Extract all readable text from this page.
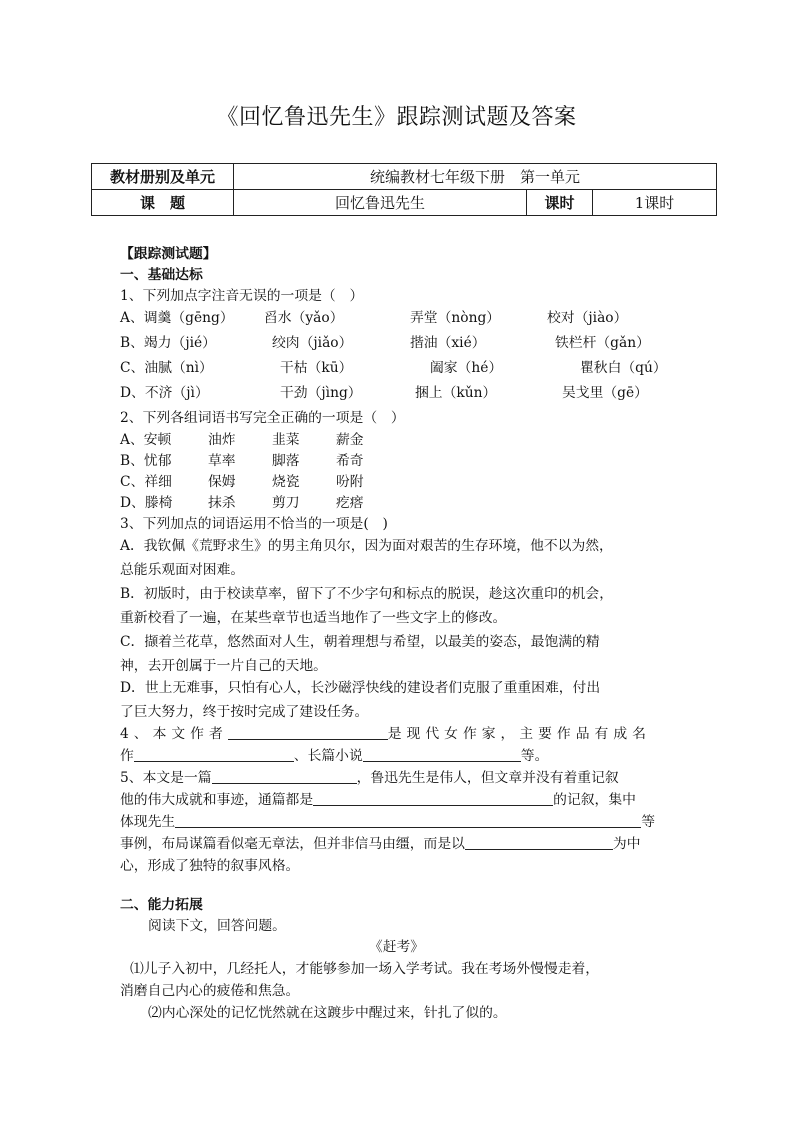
《回忆鲁迅先生》跟踪测试题及答案
教材册别及单元	统编教材七年级下册　第一单元		
课　题	回忆鲁迅先生	课时	1课时
【跟踪测试题】
一、基础达标
1、下列加点字注音无误的一项是（　）
A、调羹（gēng） 舀水（yǎo）	弄堂（nòng）	校对（jiào）
B、竭力（jié）	绞肉（jiǎo）	揩油（xié）	铁栏杆（gǎn）
C、油腻（nì）	干枯（kū）	阖家（hé）	瞿秋白（qú）
D、不济（jì）	干劲（jìng）	捆上（kǔn）	吴戈里（gē）
2、下列各组词语书写完全正确的一项是（　）
A、安顿	油炸	韭菜	薪金
B、忧郁	草率	脚落	希奇
C、祥细	保姆	烧瓷	吩附
D、滕椅	抹杀	剪刀	疙瘩
3、下列加点的词语运用不恰当的一项是(　)
A．我钦佩《荒野求生》的男主角贝尔，因为面对艰苦的生存环境，他不以为然，
总能乐观面对困难。
B．初版时，由于校读草率，留下了不少字句和标点的脱误，趁这次重印的机会，
重新校看了一遍，在某些章节也适当地作了一些文字上的修改。
C．撷着兰花草，悠然面对人生，朝着理想与希望，以最美的姿态，最饱满的精
神，去开创属于一片自己的天地。
D．世上无难事，只怕有心人，长沙磁浮快线的建设者们克服了重重困难，付出
了巨大努力，终于按时完成了建设任务。
4、本文作者	是现代女作家，主要作品有成名
作	、长篇小说	等。
5、本文是一篇	，鲁迅先生是伟人，但文章并没有着重记叙
他的伟大成就和事迹，通篇都是	的记叙，集中
体现先生	等
事例，布局谋篇看似毫无章法，但并非信马由缰，而是以	为中
心，形成了独特的叙事风格。
二、能力拓展
阅读下文，回答问题。
《赶考》
⑴儿子入初中，几经托人，才能够参加一场入学考试。我在考场外慢慢走着，
消磨自己内心的疲倦和焦急。
⑵内心深处的记忆恍然就在这踱步中醒过来，针扎了似的。
